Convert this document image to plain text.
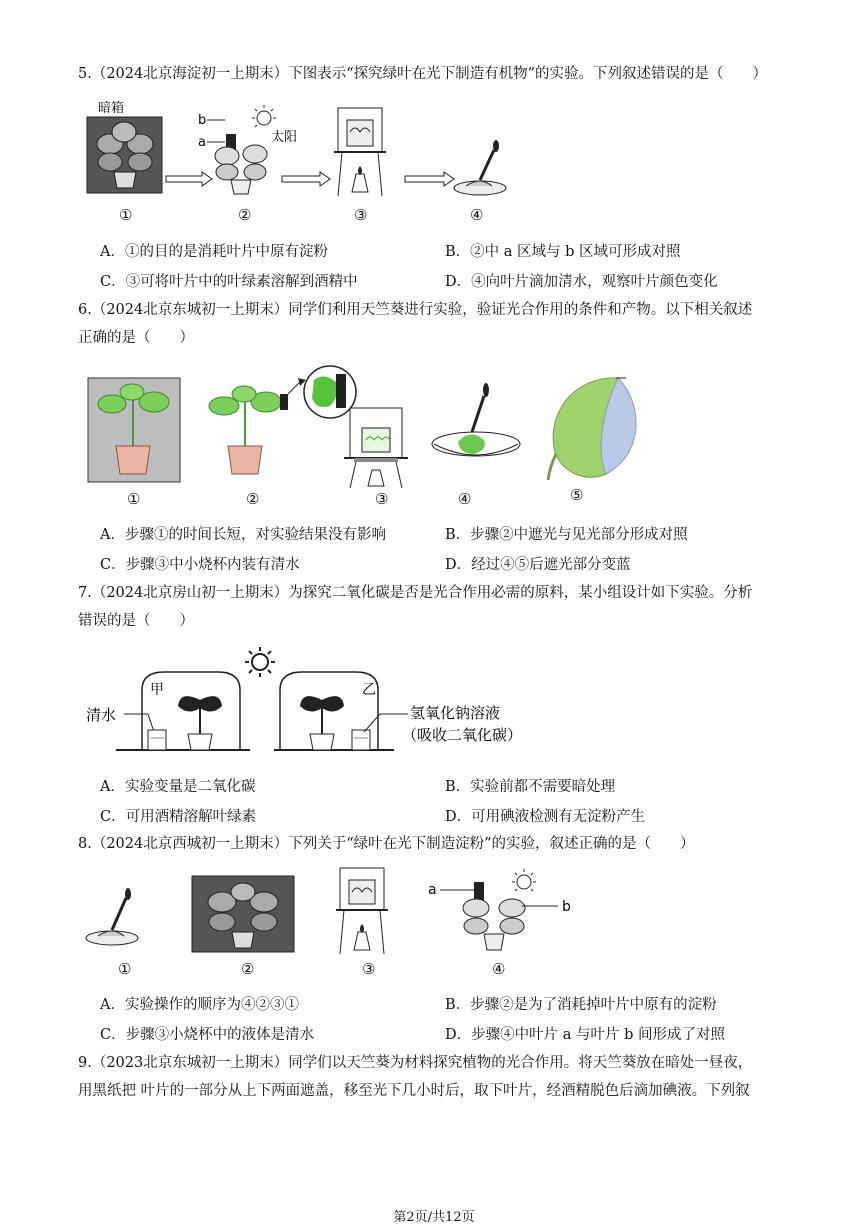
5.（2024北京海淀初一上期末）下图表示“探究绿叶在光下制造有机物”的实验。下列叙述错误的是（　　）
暗箱
b
a	太阳
①	②	③	④
A．①的目的是消耗叶片中原有淀粉	B．②中 a 区域与 b 区域可形成对照
C．③可将叶片中的叶绿素溶解到酒精中	D．④向叶片滴加清水，观察叶片颜色变化
6.（2024北京东城初一上期末）同学们利用天竺葵进行实验，验证光合作用的条件和产物。以下相关叙述
正确的是（　　）
①	②	③	④	⑤
A．步骤①的时间长短，对实验结果没有影响	B．步骤②中遮光与见光部分形成对照
C．步骤③中小烧杯内装有清水	D．经过④⑤后遮光部分变蓝
7.（2024北京房山初一上期末）为探究二氧化碳是否是光合作用必需的原料，某小组设计如下实验。分析
错误的是（　　）
甲
清水
乙
氢氧化钠溶液
（吸收二氧化碳）
A．实验变量是二氧化碳	B．实验前都不需要暗处理
C．可用酒精溶解叶绿素	D．可用碘液检测有无淀粉产生
8.（2024北京西城初一上期末）下列关于“绿叶在光下制造淀粉”的实验，叙述正确的是（　　）
a
b
①	②	③	④
A．实验操作的顺序为④②③①	B．步骤②是为了消耗掉叶片中原有的淀粉
C．步骤③小烧杯中的液体是清水	D．步骤④中叶片 a 与叶片 b 间形成了对照
9.（2023北京东城初一上期末）同学们以天竺葵为材料探究植物的光合作用。将天竺葵放在暗处一昼夜，
用黑纸把 叶片的一部分从上下两面遮盖，移至光下几小时后，取下叶片，经酒精脱色后滴加碘液。下列叙
第2页/共12页
